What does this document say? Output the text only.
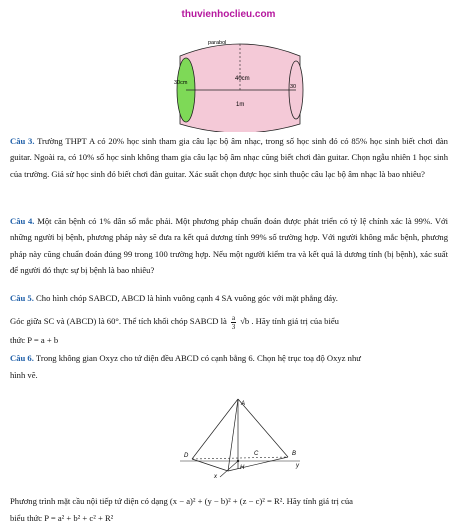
thuvienhoclieu.com
parabol
40cm
30cm
30
1m
Câu 3. Trường THPT A có 20% học sinh tham gia câu lạc bộ âm nhạc, trong số học sinh đó có 85% học sinh biết chơi đàn guitar. Ngoài ra, có 10% số học sinh không tham gia câu lạc bộ âm nhạc cũng biết chơi đàn guitar. Chọn ngẫu nhiên 1 học sinh của trường. Giả sử học sinh đó biết chơi đàn guitar. Xác suất chọn được học sinh thuộc câu lạc bộ âm nhạc là bao nhiêu?
Câu 4. Một căn bệnh có 1% dân số mắc phải. Một phương pháp chuẩn đoán được phát triển có tỷ lệ chính xác là 99%. Với những người bị bệnh, phương pháp này sẽ đưa ra kết quả dương tính 99% số trường hợp. Với người không mắc bệnh, phương pháp này cũng chuẩn đoán đúng 99 trong 100 trường hợp. Nếu một người kiểm tra và kết quả là dương tính (bị bệnh), xác suất để người đó thực sự bị bệnh là bao nhiêu?
Câu 5. Cho hình chóp SABCD, ABCD là hình vuông cạnh 4 SA vuông góc với mặt phẳng đáy.
Góc giữa SC và (ABCD) là 60°. Thể tích khối chóp SABCD là $\frac{a}{3} √b$ . Hãy tính giá trị của biểu
thức P = a + b
Câu 6. Trong không gian Oxyz cho tứ diện đều ABCD có cạnh bằng 6. Chọn hệ trục toạ độ Oxyz như
hình vẽ.
D	B
C
A
x
y
H
Phương trình mặt cầu nội tiếp tứ diện có dạng (x − a)² + (y − b)² + (z − c)² = R². Hãy tính giá trị của
biểu thức P = a² + b² + c² + R²
